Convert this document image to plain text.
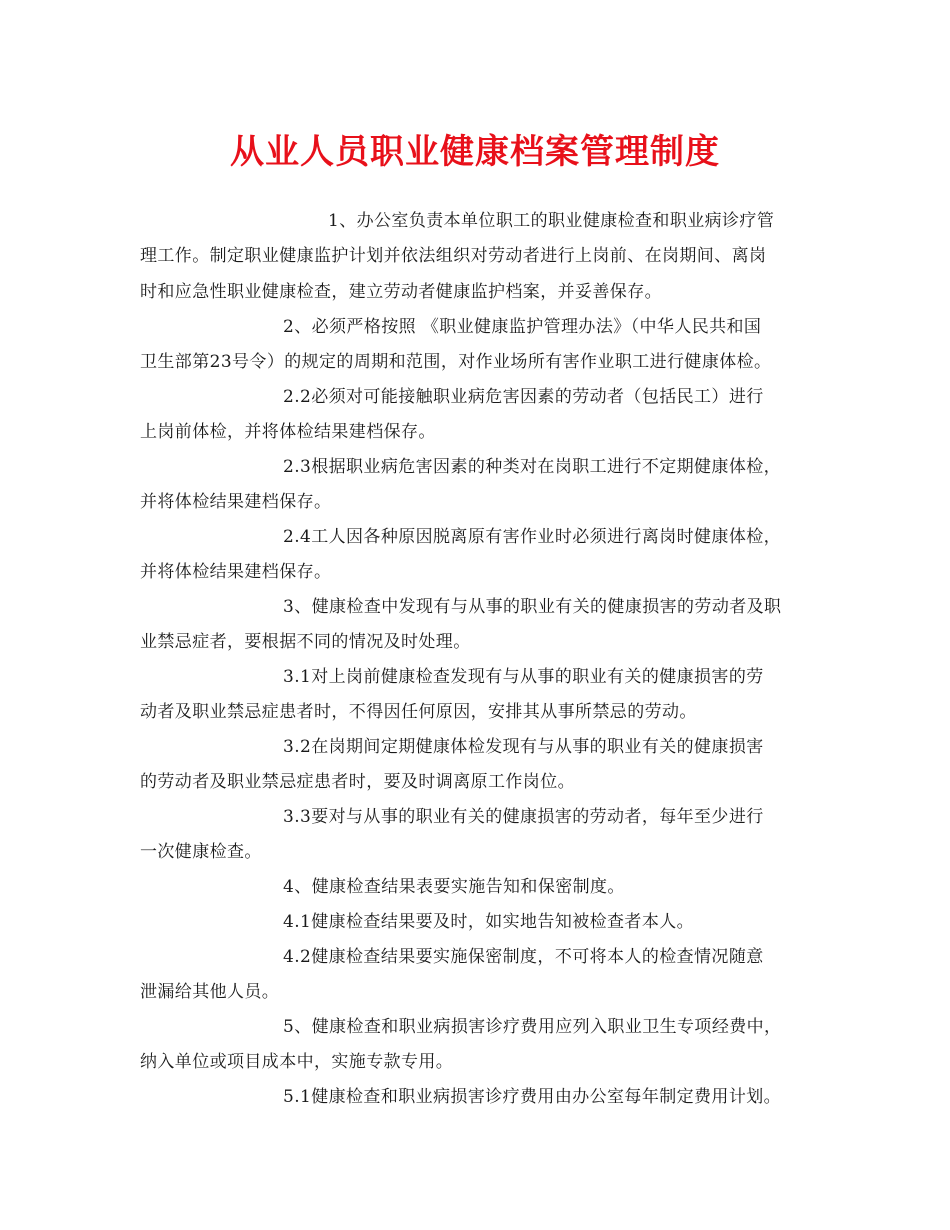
从业人员职业健康档案管理制度
1、办公室负责本单位职工的职业健康检查和职业病诊疗管
理工作。制定职业健康监护计划并依法组织对劳动者进行上岗前、在岗期间、离岗
时和应急性职业健康检查，建立劳动者健康监护档案，并妥善保存。
2、必须严格按照 《职业健康监护管理办法》（中华人民共和国
卫生部第23号令）的规定的周期和范围，对作业场所有害作业职工进行健康体检。
2.2必须对可能接触职业病危害因素的劳动者（包括民工）进行
上岗前体检，并将体检结果建档保存。
2.3根据职业病危害因素的种类对在岗职工进行不定期健康体检，
并将体检结果建档保存。
2.4工人因各种原因脱离原有害作业时必须进行离岗时健康体检，
并将体检结果建档保存。
3、健康检查中发现有与从事的职业有关的健康损害的劳动者及职
业禁忌症者，要根据不同的情况及时处理。
3.1对上岗前健康检查发现有与从事的职业有关的健康损害的劳
动者及职业禁忌症患者时，不得因任何原因，安排其从事所禁忌的劳动。
3.2在岗期间定期健康体检发现有与从事的职业有关的健康损害
的劳动者及职业禁忌症患者时，要及时调离原工作岗位。
3.3要对与从事的职业有关的健康损害的劳动者，每年至少进行
一次健康检查。
4、健康检查结果表要实施告知和保密制度。
4.1健康检查结果要及时，如实地告知被检查者本人。
4.2健康检查结果要实施保密制度，不可将本人的检查情况随意
泄漏给其他人员。
5、健康检查和职业病损害诊疗费用应列入职业卫生专项经费中，
纳入单位或项目成本中，实施专款专用。
5.1健康检查和职业病损害诊疗费用由办公室每年制定费用计划。
